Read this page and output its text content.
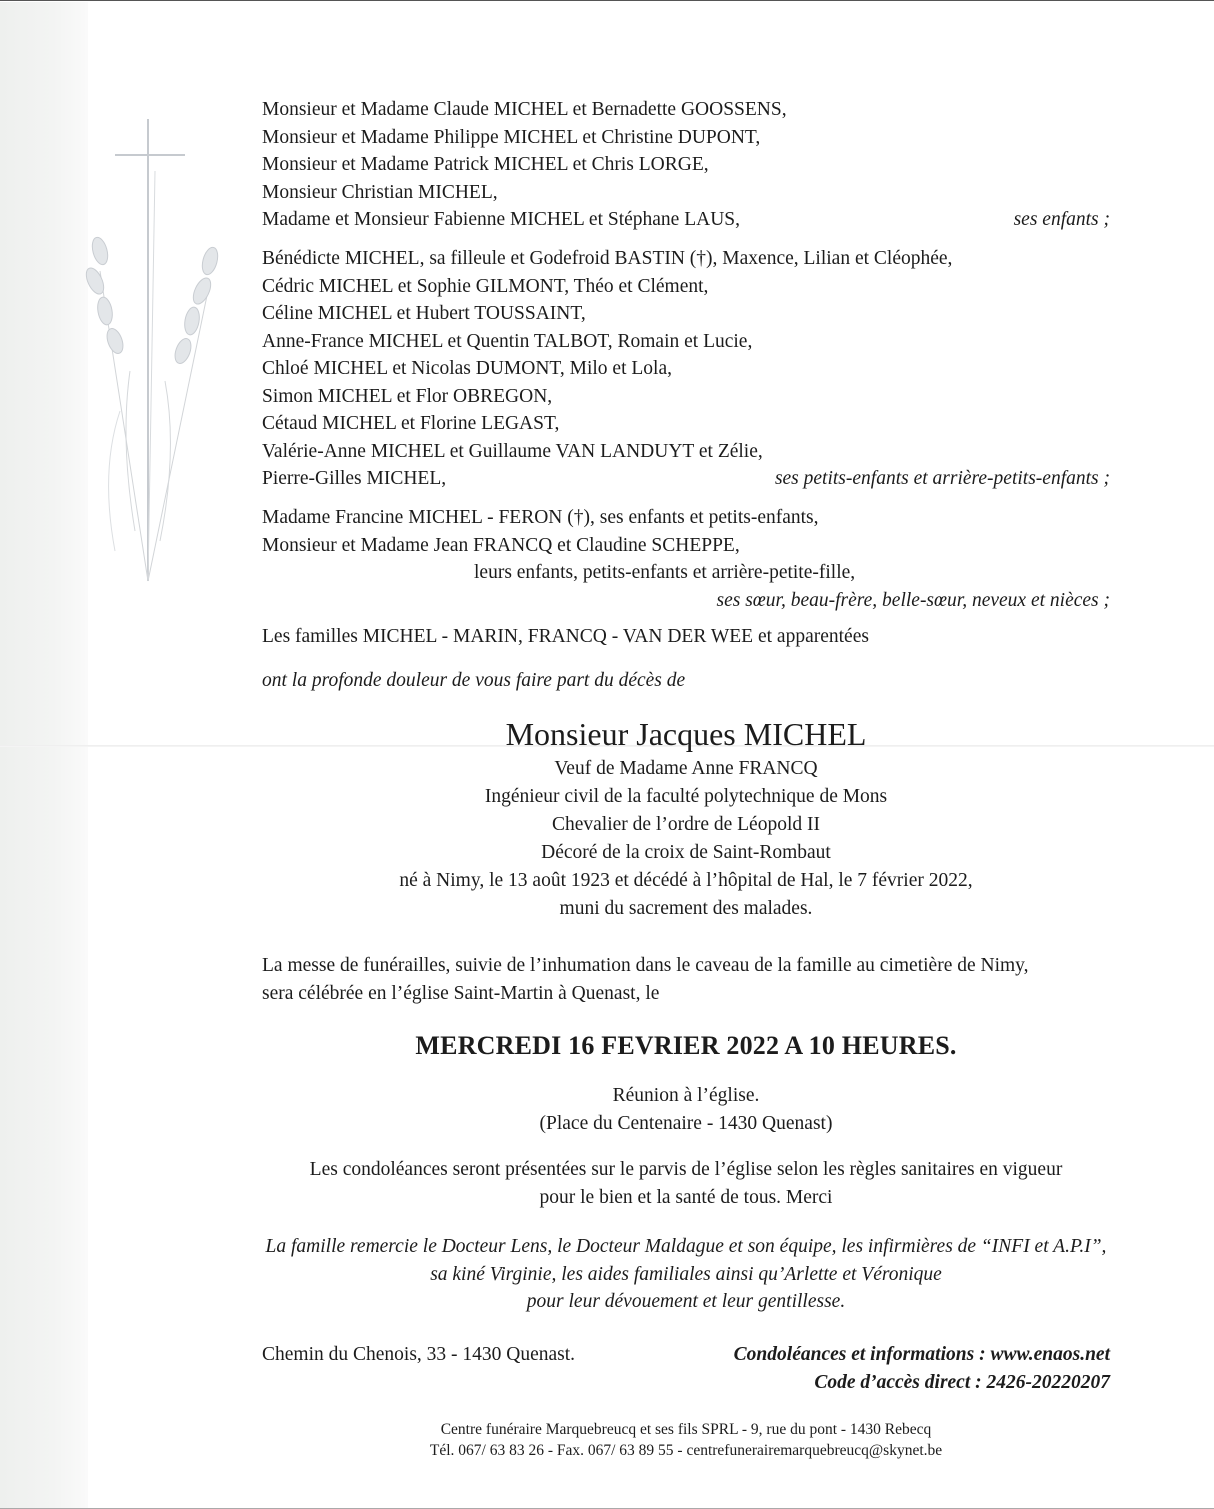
Monsieur et Madame Claude MICHEL et Bernadette GOOSSENS,
Monsieur et Madame Philippe MICHEL et Christine DUPONT,
Monsieur et Madame Patrick MICHEL et Chris LORGE,
Monsieur Christian MICHEL,
Madame et Monsieur Fabienne MICHEL et Stéphane LAUS,	ses enfants ;
Bénédicte MICHEL, sa filleule et Godefroid BASTIN (†), Maxence, Lilian et Cléophée,
Cédric MICHEL et Sophie GILMONT, Théo et Clément,
Céline MICHEL et Hubert TOUSSAINT,
Anne-France MICHEL et Quentin TALBOT, Romain et Lucie,
Chloé MICHEL et Nicolas DUMONT, Milo et Lola,
Simon MICHEL et Flor OBREGON,
Cétaud MICHEL et Florine LEGAST,
Valérie-Anne MICHEL et Guillaume VAN LANDUYT et Zélie,
Pierre-Gilles MICHEL,	ses petits-enfants et arrière-petits-enfants ;
Madame Francine MICHEL - FERON (†), ses enfants et petits-enfants,
Monsieur et Madame Jean FRANCQ et Claudine SCHEPPE,
leurs enfants, petits-enfants et arrière-petite-fille,
ses sœur, beau-frère, belle-sœur, neveux et nièces ;
Les familles MICHEL - MARIN, FRANCQ - VAN DER WEE et apparentées
ont la profonde douleur de vous faire part du décès de
Monsieur Jacques MICHEL
Veuf de Madame Anne FRANCQ
Ingénieur civil de la faculté polytechnique de Mons
Chevalier de l’ordre de Léopold II
Décoré de la croix de Saint-Rombaut
né à Nimy, le 13 août 1923 et décédé à l’hôpital de Hal, le 7 février 2022,
muni du sacrement des malades.
La messe de funérailles, suivie de l’inhumation dans le caveau de la famille au cimetière de Nimy,
sera célébrée en l’église Saint-Martin à Quenast, le
MERCREDI 16 FEVRIER 2022 A 10 HEURES.
Réunion à l’église.
(Place du Centenaire - 1430 Quenast)
Les condoléances seront présentées sur le parvis de l’église selon les règles sanitaires en vigueur
pour le bien et la santé de tous. Merci
La famille remercie le Docteur Lens, le Docteur Maldague et son équipe, les infirmières de “INFI et A.P.I”,
sa kiné Virginie, les aides familiales ainsi qu’Arlette et Véronique
pour leur dévouement et leur gentillesse.
Chemin du Chenois, 33 - 1430 Quenast.	Condoléances et informations : www.enaos.net
Code d’accès direct : 2426-20220207
Centre funéraire Marquebreucq et ses fils SPRL - 9, rue du pont - 1430 Rebecq
Tél. 067/ 63 83 26 - Fax. 067/ 63 89 55 - centrefunerairemarquebreucq@skynet.be
